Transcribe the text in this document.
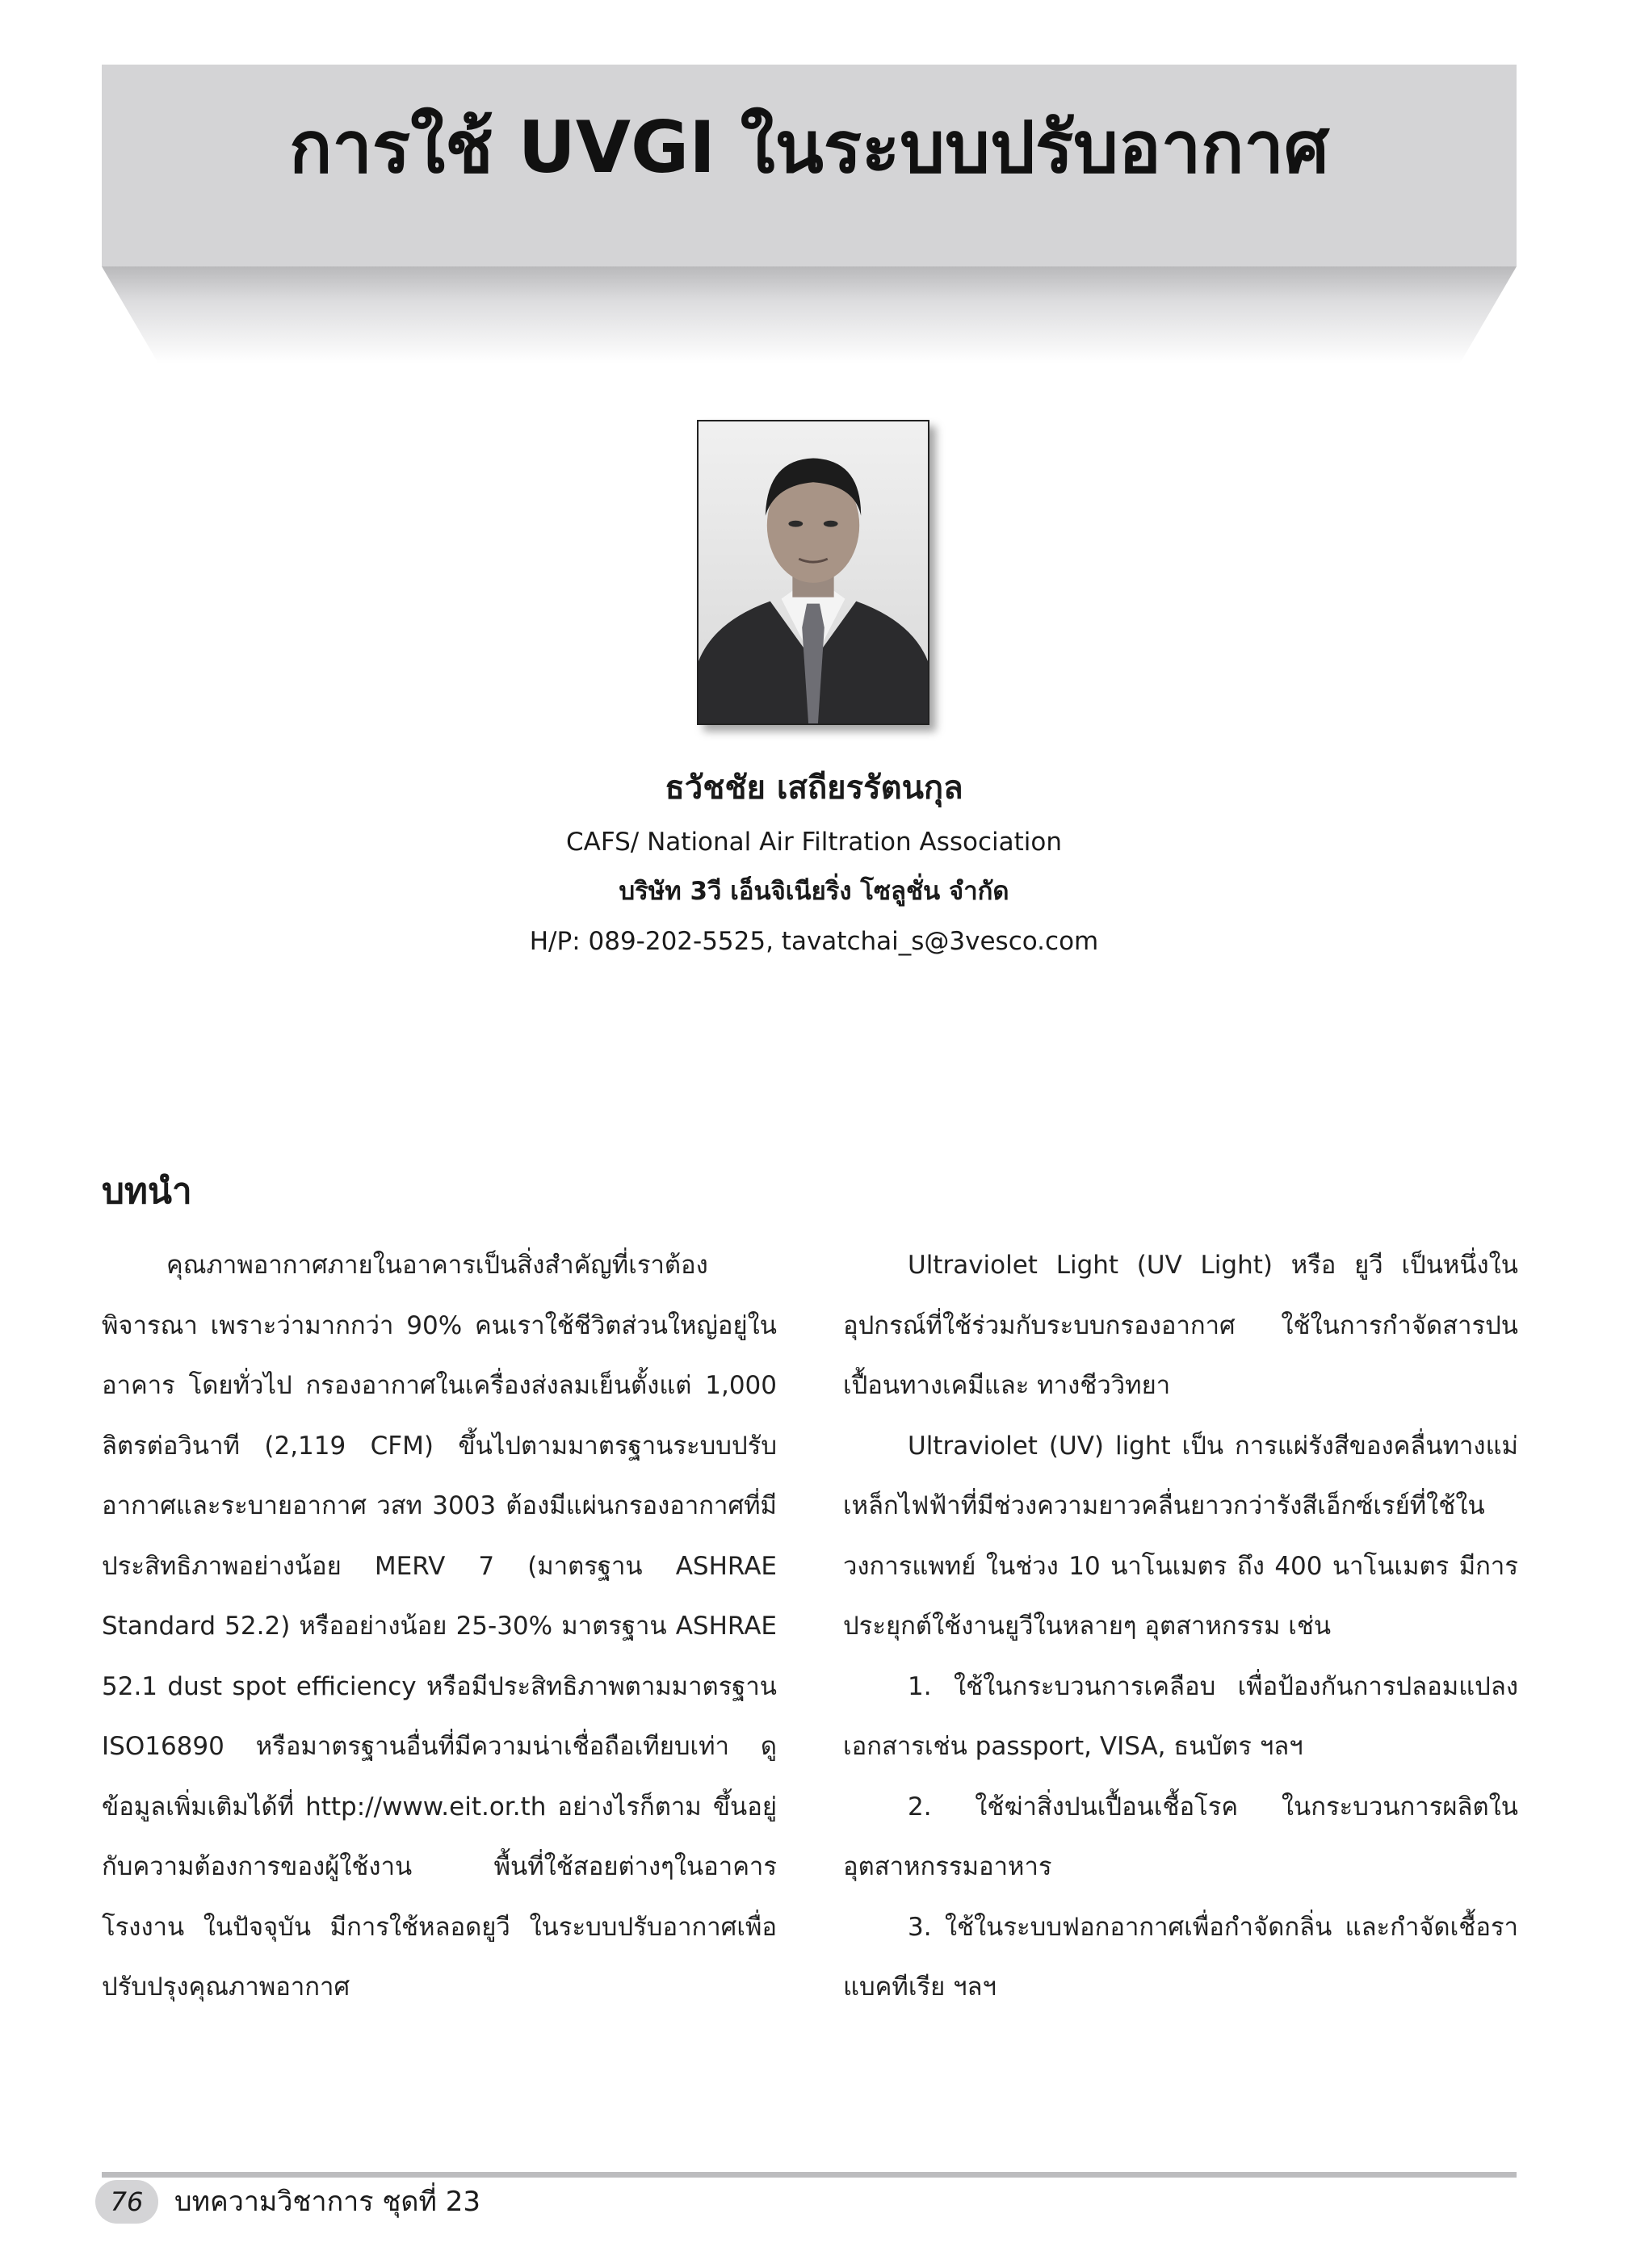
การใช้ UVGI ในระบบปรับอากาศ

ธวัชชัย เสถียรรัตนกุล

CAFS/ National Air Filtration Association

บริษัท 3วี เอ็นจิเนียริ่ง โซลูชั่น จำกัด

H/P: 089-202-5525, tavatchai_s@3vesco.com

บทนำ

คุณภาพอากาศภายในอาคารเป็นสิ่งสำคัญที่เราต้องพิจารณา เพราะว่ามากกว่า 90% คนเราใช้ชีวิตส่วนใหญ่อยู่ในอาคาร โดยทั่วไป กรองอากาศในเครื่องส่งลมเย็นตั้งแต่ 1,000 ลิตรต่อวินาที (2,119 CFM) ขึ้นไปตามมาตรฐานระบบปรับอากาศและระบายอากาศ วสท 3003 ต้องมีแผ่นกรองอากาศที่มีประสิทธิภาพอย่างน้อย MERV 7 (มาตรฐาน ASHRAE Standard 52.2) หรืออย่างน้อย 25-30% มาตรฐาน ASHRAE 52.1 dust spot efficiency หรือมีประสิทธิภาพตามมาตรฐาน ISO16890 หรือมาตรฐานอื่นที่มีความน่าเชื่อถือเทียบเท่า ดูข้อมูลเพิ่มเติมได้ที่ http://www.eit.or.th อย่างไรก็ตาม ขึ้นอยู่กับความต้องการของผู้ใช้งาน พื้นที่ใช้สอยต่างๆในอาคาร โรงงาน ในปัจจุบัน มีการใช้หลอดยูวี ในระบบปรับอากาศเพื่อปรับปรุงคุณภาพอากาศ

Ultraviolet Light (UV Light) หรือ ยูวี เป็นหนึ่งในอุปกรณ์ที่ใช้ร่วมกับระบบกรองอากาศ ใช้ในการกำจัดสารปนเปื้อนทางเคมีและ ทางชีววิทยา

Ultraviolet (UV) light เป็น การแผ่รังสีของคลื่นทางแม่เหล็กไฟฟ้าที่มีช่วงความยาวคลื่นยาวกว่ารังสีเอ็กซ์เรย์ที่ใช้ในวงการแพทย์ ในช่วง 10 นาโนเมตร ถึง 400 นาโนเมตร มีการประยุกต์ใช้งานยูวีในหลายๆ อุตสาหกรรม เช่น

1. ใช้ในกระบวนการเคลือบ เพื่อป้องกันการปลอมแปลงเอกสารเช่น passport, VISA, ธนบัตร ฯลฯ

2. ใช้ฆ่าสิ่งปนเปื้อนเชื้อโรค ในกระบวนการผลิตในอุตสาหกรรมอาหาร

3. ใช้ในระบบฟอกอากาศเพื่อกำจัดกลิ่น และกำจัดเชื้อรา แบคทีเรีย ฯลฯ

76	บทความวิชาการ ชุดที่ 23
